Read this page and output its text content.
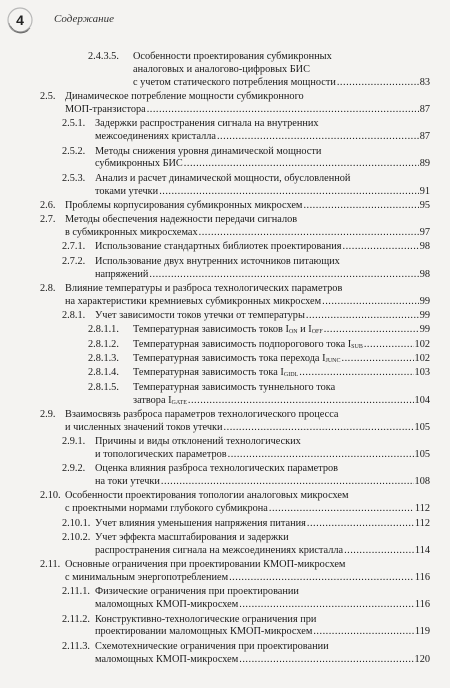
4	Содержание
2.4.3.5. Особенности проектирования субмикронных
аналоговых и аналогово-цифровых БИС
с учетом статического потребления мощности .....	83
2.5. Динамическое потребление мощности субмикронного
МОП-транзистора .....	87
2.5.1. Задержки распространения сигнала на внутренних
межсоединениях кристалла .....	87
2.5.2. Методы снижения уровня динамической мощности
субмикронных БИС .....	89
2.5.3. Анализ и расчет динамической мощности, обусловленной
токами утечки .....	91
2.6. Проблемы корпусирования субмикронных микросхем .....	95
2.7. Методы обеспечения надежности передачи сигналов
в субмикронных микросхемах .....	97
2.7.1. Использование стандартных библиотек проектирования .....	98
2.7.2. Использование двух внутренних источников питающих
напряжений .....	98
2.8. Влияние температуры и разброса технологических параметров
на характеристики кремниевых субмикронных микросхем .....	99
2.8.1. Учет зависимости токов утечки от температуры .....	99
2.8.1.1.	Температурная зависимость токов $I_{ON}$ и $I_{OFF}$ .....	99
2.8.1.2.	Температурная зависимость подпорогового тока $I_{SUB}$ .....	102
2.8.1.3.	Температурная зависимость тока перехода $I_{JUNC}$ .....	102
2.8.1.4.	Температурная зависимость тока $I_{GIDL}$ .....	103
2.8.1.5. Температурная зависимость туннельного тока
затвора $I_{GATE}$ .....	104
2.9. Взаимосвязь разброса параметров технологического процесса
и численных значений токов утечки .....	105
2.9.1. Причины и виды отклонений технологических
и топологических параметров .....	105
2.9.2. Оценка влияния разброса технологических параметров
на токи утечки .....	108
2.10. Особенности проектирования топологии аналоговых микросхем
с проектными нормами глубокого субмикрона .....	112
2.10.1. Учет влияния уменьшения напряжения питания .....	112
2.10.2. Учет эффекта масштабирования и задержки
распространения сигнала на межсоединениях кристалла .....	114
2.11. Основные ограничения при проектировании КМОП-микросхем
с минимальным энергопотреблением .....	116
2.11.1. Физические ограничения при проектировании
маломощных КМОП-микросхем .....	116
2.11.2. Конструктивно-технологические ограничения при
проектировании маломощных КМОП-микросхем .....	119
2.11.3. Схемотехнические ограничения при проектировании
маломощных КМОП-микросхем .....	120
